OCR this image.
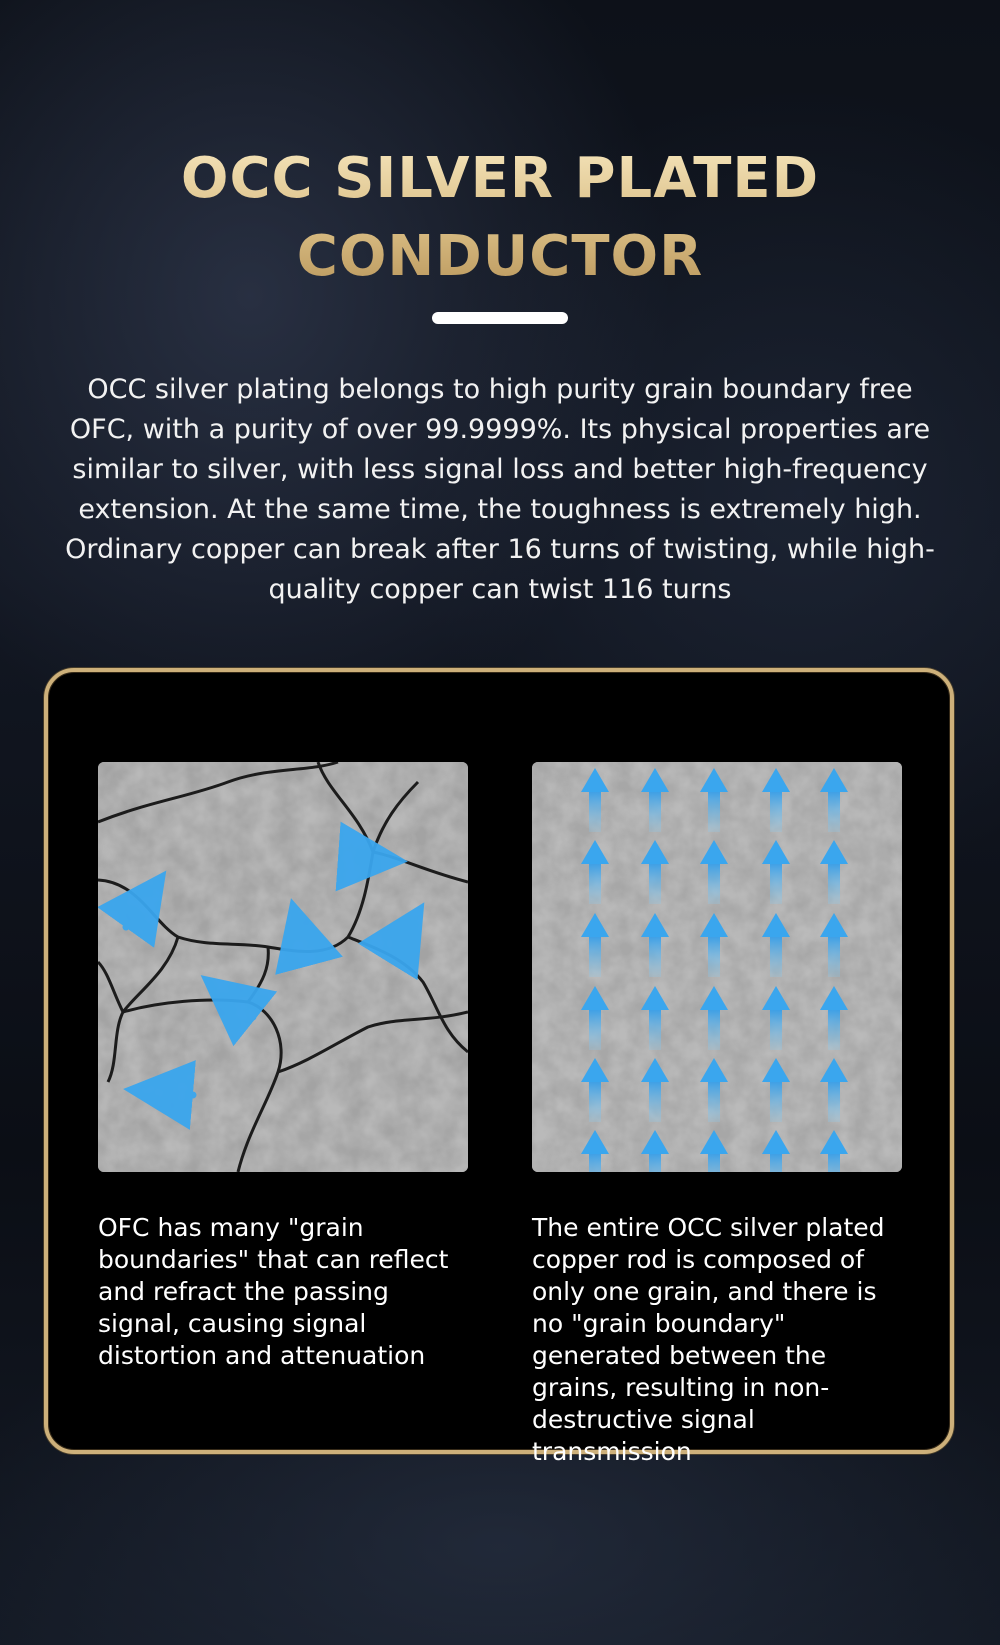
OCC SILVER PLATED
CONDUCTOR

OCC silver plating belongs to high purity grain boundary free OFC, with a purity of over 99.9999%. Its physical properties are similar to silver, with less signal loss and better high-frequency extension. At the same time, the toughness is extremely high. Ordinary copper can break after 16 turns of twisting, while high-quality copper can twist 116 turns

OFC has many "grain boundaries" that can reflect and refract the passing signal, causing signal distortion and attenuation

The entire OCC silver plated copper rod is composed of only one grain, and there is no "grain boundary" generated between the grains, resulting in non-destructive signal transmission
